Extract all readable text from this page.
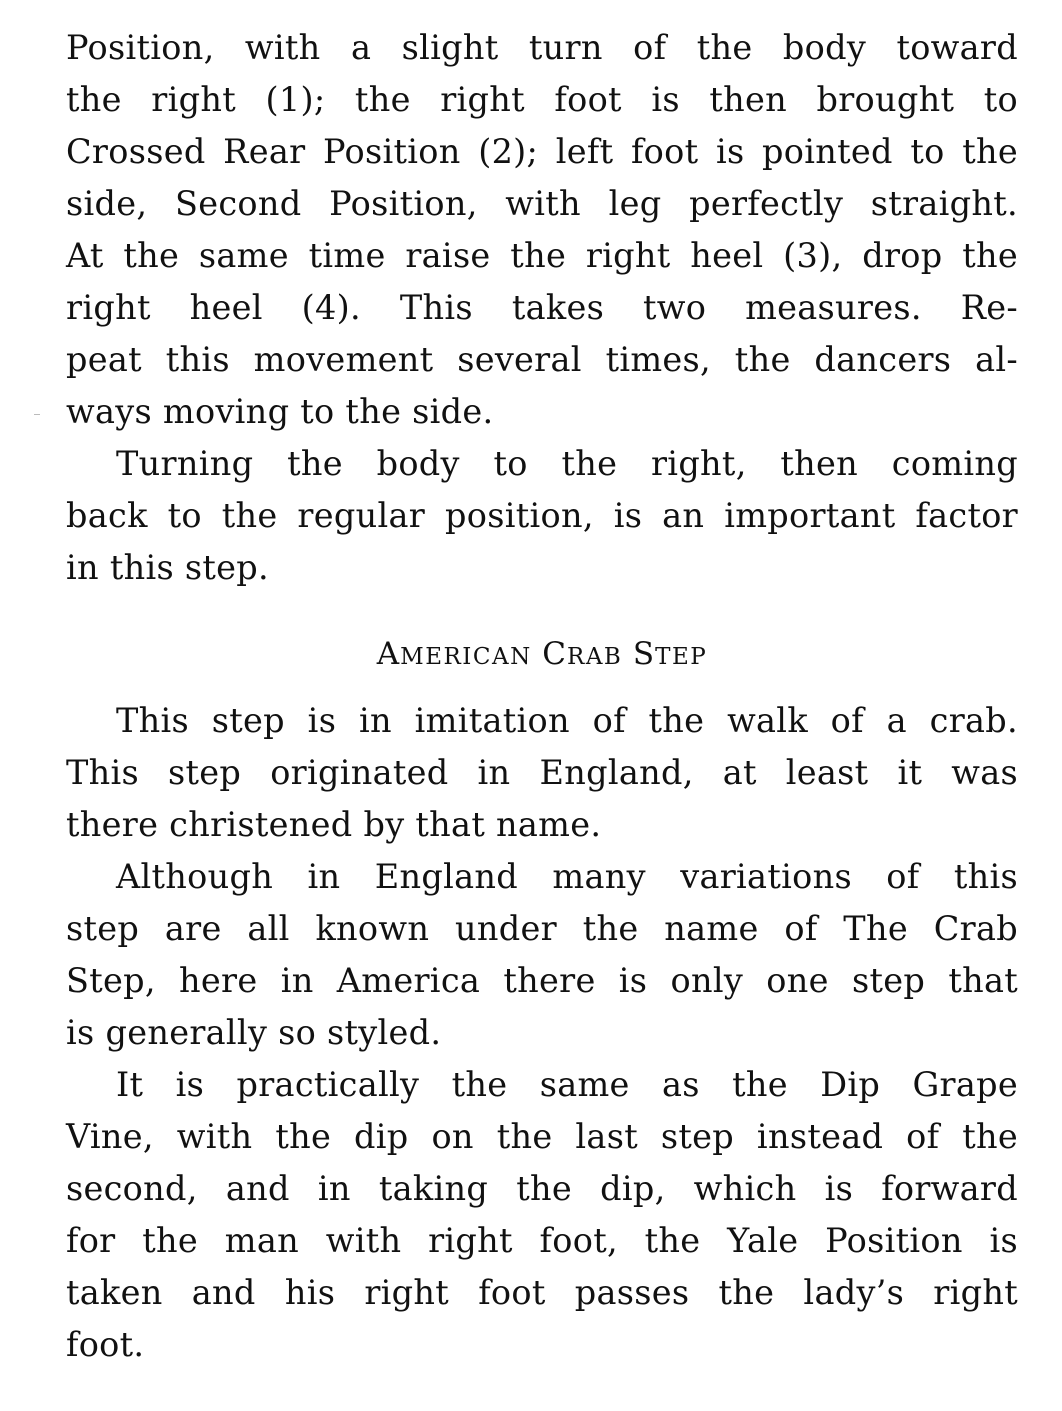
Position, with a slight turn of the body toward
the right (1); the right foot is then brought to
Crossed Rear Position (2); left foot is pointed to the
side, Second Position, with leg perfectly straight.
At the same time raise the right heel (3), drop the
right heel (4). This takes two measures. Re-
peat this movement several times, the dancers al-
ways moving to the side.

Turning the body to the right, then coming
back to the regular position, is an important factor
in this step.

AMERICAN CRAB STEP

This step is in imitation of the walk of a crab.
This step originated in England, at least it was
there christened by that name.

Although in England many variations of this
step are all known under the name of The Crab
Step, here in America there is only one step that
is generally so styled.

It is practically the same as the Dip Grape
Vine, with the dip on the last step instead of the
second, and in taking the dip, which is forward
for the man with right foot, the Yale Position is
taken and his right foot passes the lady’s right
foot.
